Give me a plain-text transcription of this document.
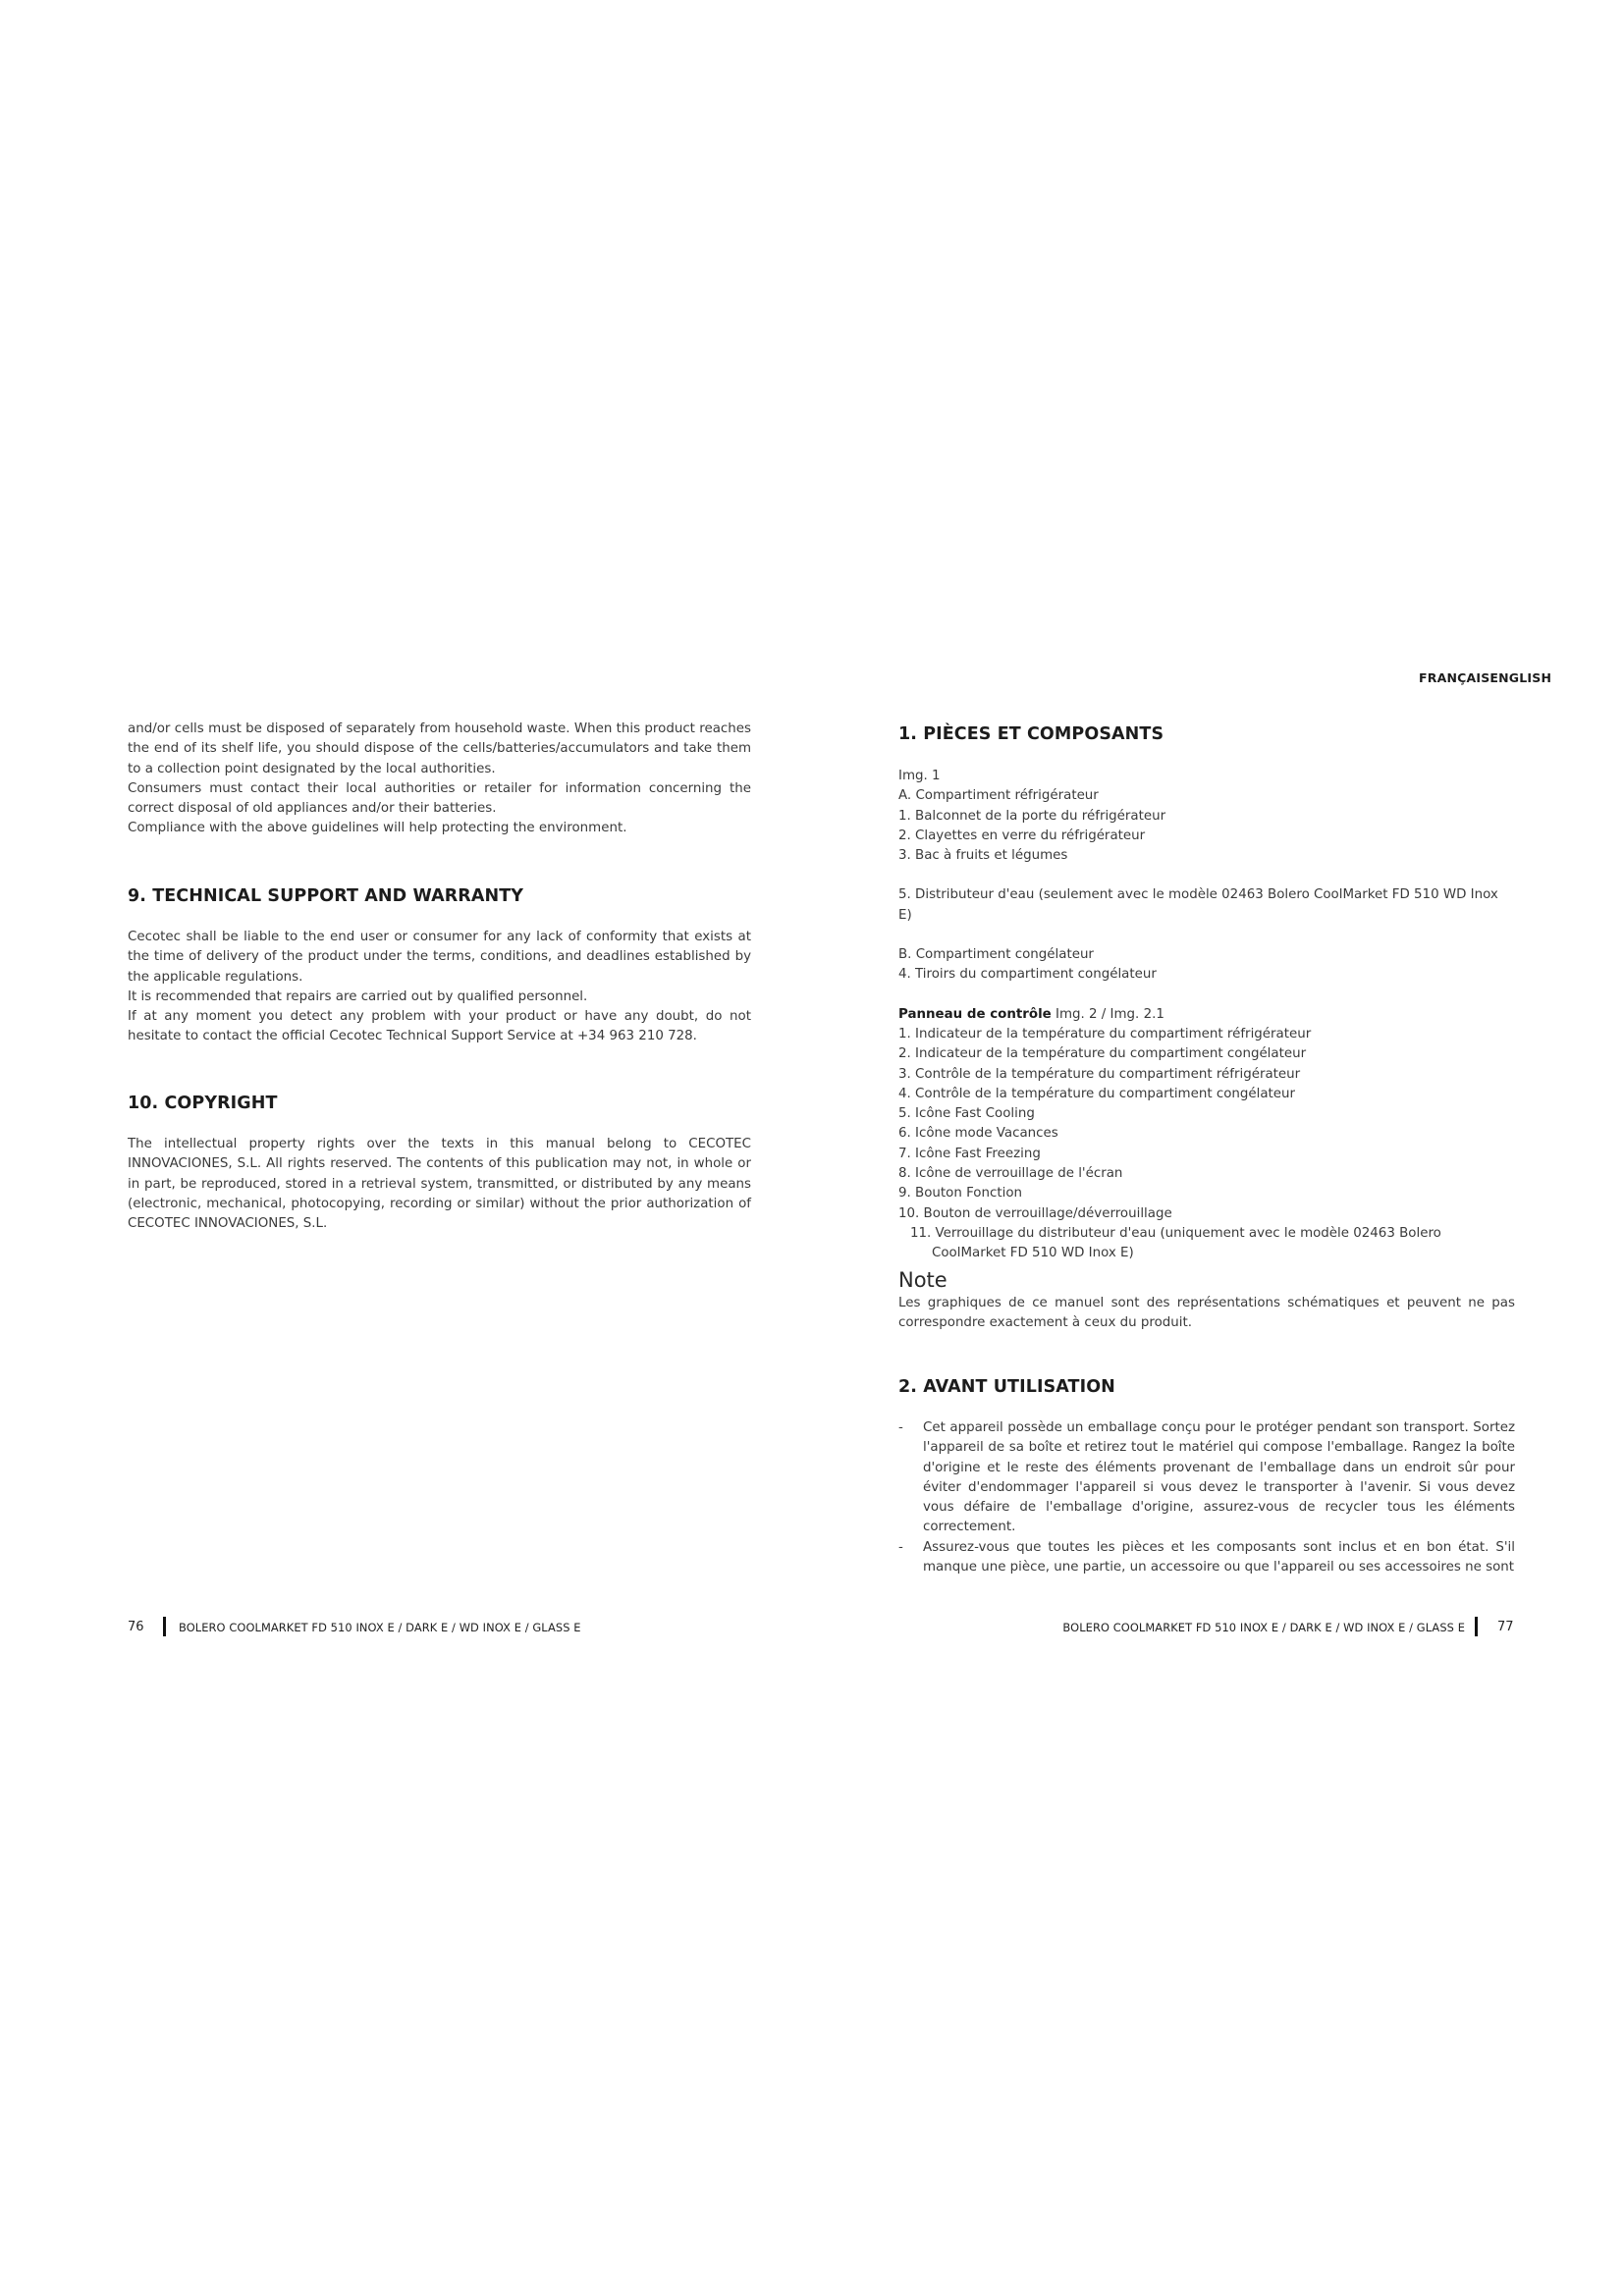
FRANÇAISENGLISH

and/or cells must be disposed of separately from household waste. When this product reaches the end of its shelf life, you should dispose of the cells/batteries/accumulators and take them to a collection point designated by the local authorities.

Consumers must contact their local authorities or retailer for information concerning the correct disposal of old appliances and/or their batteries.

Compliance with the above guidelines will help protecting the environment.

9. TECHNICAL SUPPORT AND WARRANTY

Cecotec shall be liable to the end user or consumer for any lack of conformity that exists at the time of delivery of the product under the terms, conditions, and deadlines established by the applicable regulations.

It is recommended that repairs are carried out by qualified personnel.

If at any moment you detect any problem with your product or have any doubt, do not hesitate to contact the official Cecotec Technical Support Service at +34 963 210 728.

10. COPYRIGHT

The intellectual property rights over the texts in this manual belong to CECOTEC INNOVACIONES, S.L. All rights reserved. The contents of this publication may not, in whole or in part, be reproduced, stored in a retrieval system, transmitted, or distributed by any means (electronic, mechanical, photocopying, recording or similar) without the prior authorization of CECOTEC INNOVACIONES, S.L.

76	BOLERO COOLMARKET FD 510 INOX E / DARK E / WD INOX E / GLASS E
1. PIÈCES ET COMPOSANTS

Img. 1

A. Compartiment réfrigérateur
1. Balconnet de la porte du réfrigérateur
2. Clayettes en verre du réfrigérateur
3. Bac à fruits et légumes

5. Distributeur d'eau (seulement avec le modèle 02463 Bolero CoolMarket FD 510 WD Inox E)

B. Compartiment congélateur
4. Tiroirs du compartiment congélateur

Panneau de contrôle Img. 2 / Img. 2.1

1. Indicateur de la température du compartiment réfrigérateur
2. Indicateur de la température du compartiment congélateur
3. Contrôle de la température du compartiment réfrigérateur
4. Contrôle de la température du compartiment congélateur
5. Icône Fast Cooling
6. Icône mode Vacances
7. Icône Fast Freezing
8. Icône de verrouillage de l'écran
9. Bouton Fonction
10. Bouton de verrouillage/déverrouillage
11. Verrouillage du distributeur d'eau (uniquement avec le modèle 02463 Bolero CoolMarket FD 510 WD Inox E)
Note

Les graphiques de ce manuel sont des représentations schématiques et peuvent ne pas correspondre exactement à ceux du produit.

2. AVANT UTILISATION
- Cet appareil possède un emballage conçu pour le protéger pendant son transport. Sortez l'appareil de sa boîte et retirez tout le matériel qui compose l'emballage. Rangez la boîte d'origine et le reste des éléments provenant de l'emballage dans un endroit sûr pour éviter d'endommager l'appareil si vous devez le transporter à l'avenir. Si vous devez vous défaire de l'emballage d'origine, assurez-vous de recycler tous les éléments correctement.

- Assurez-vous que toutes les pièces et les composants sont inclus et en bon état. S'il manque une pièce, une partie, un accessoire ou que l'appareil ou ses accessoires ne sont

BOLERO COOLMARKET FD 510 INOX E / DARK E / WD INOX E / GLASS E	77
